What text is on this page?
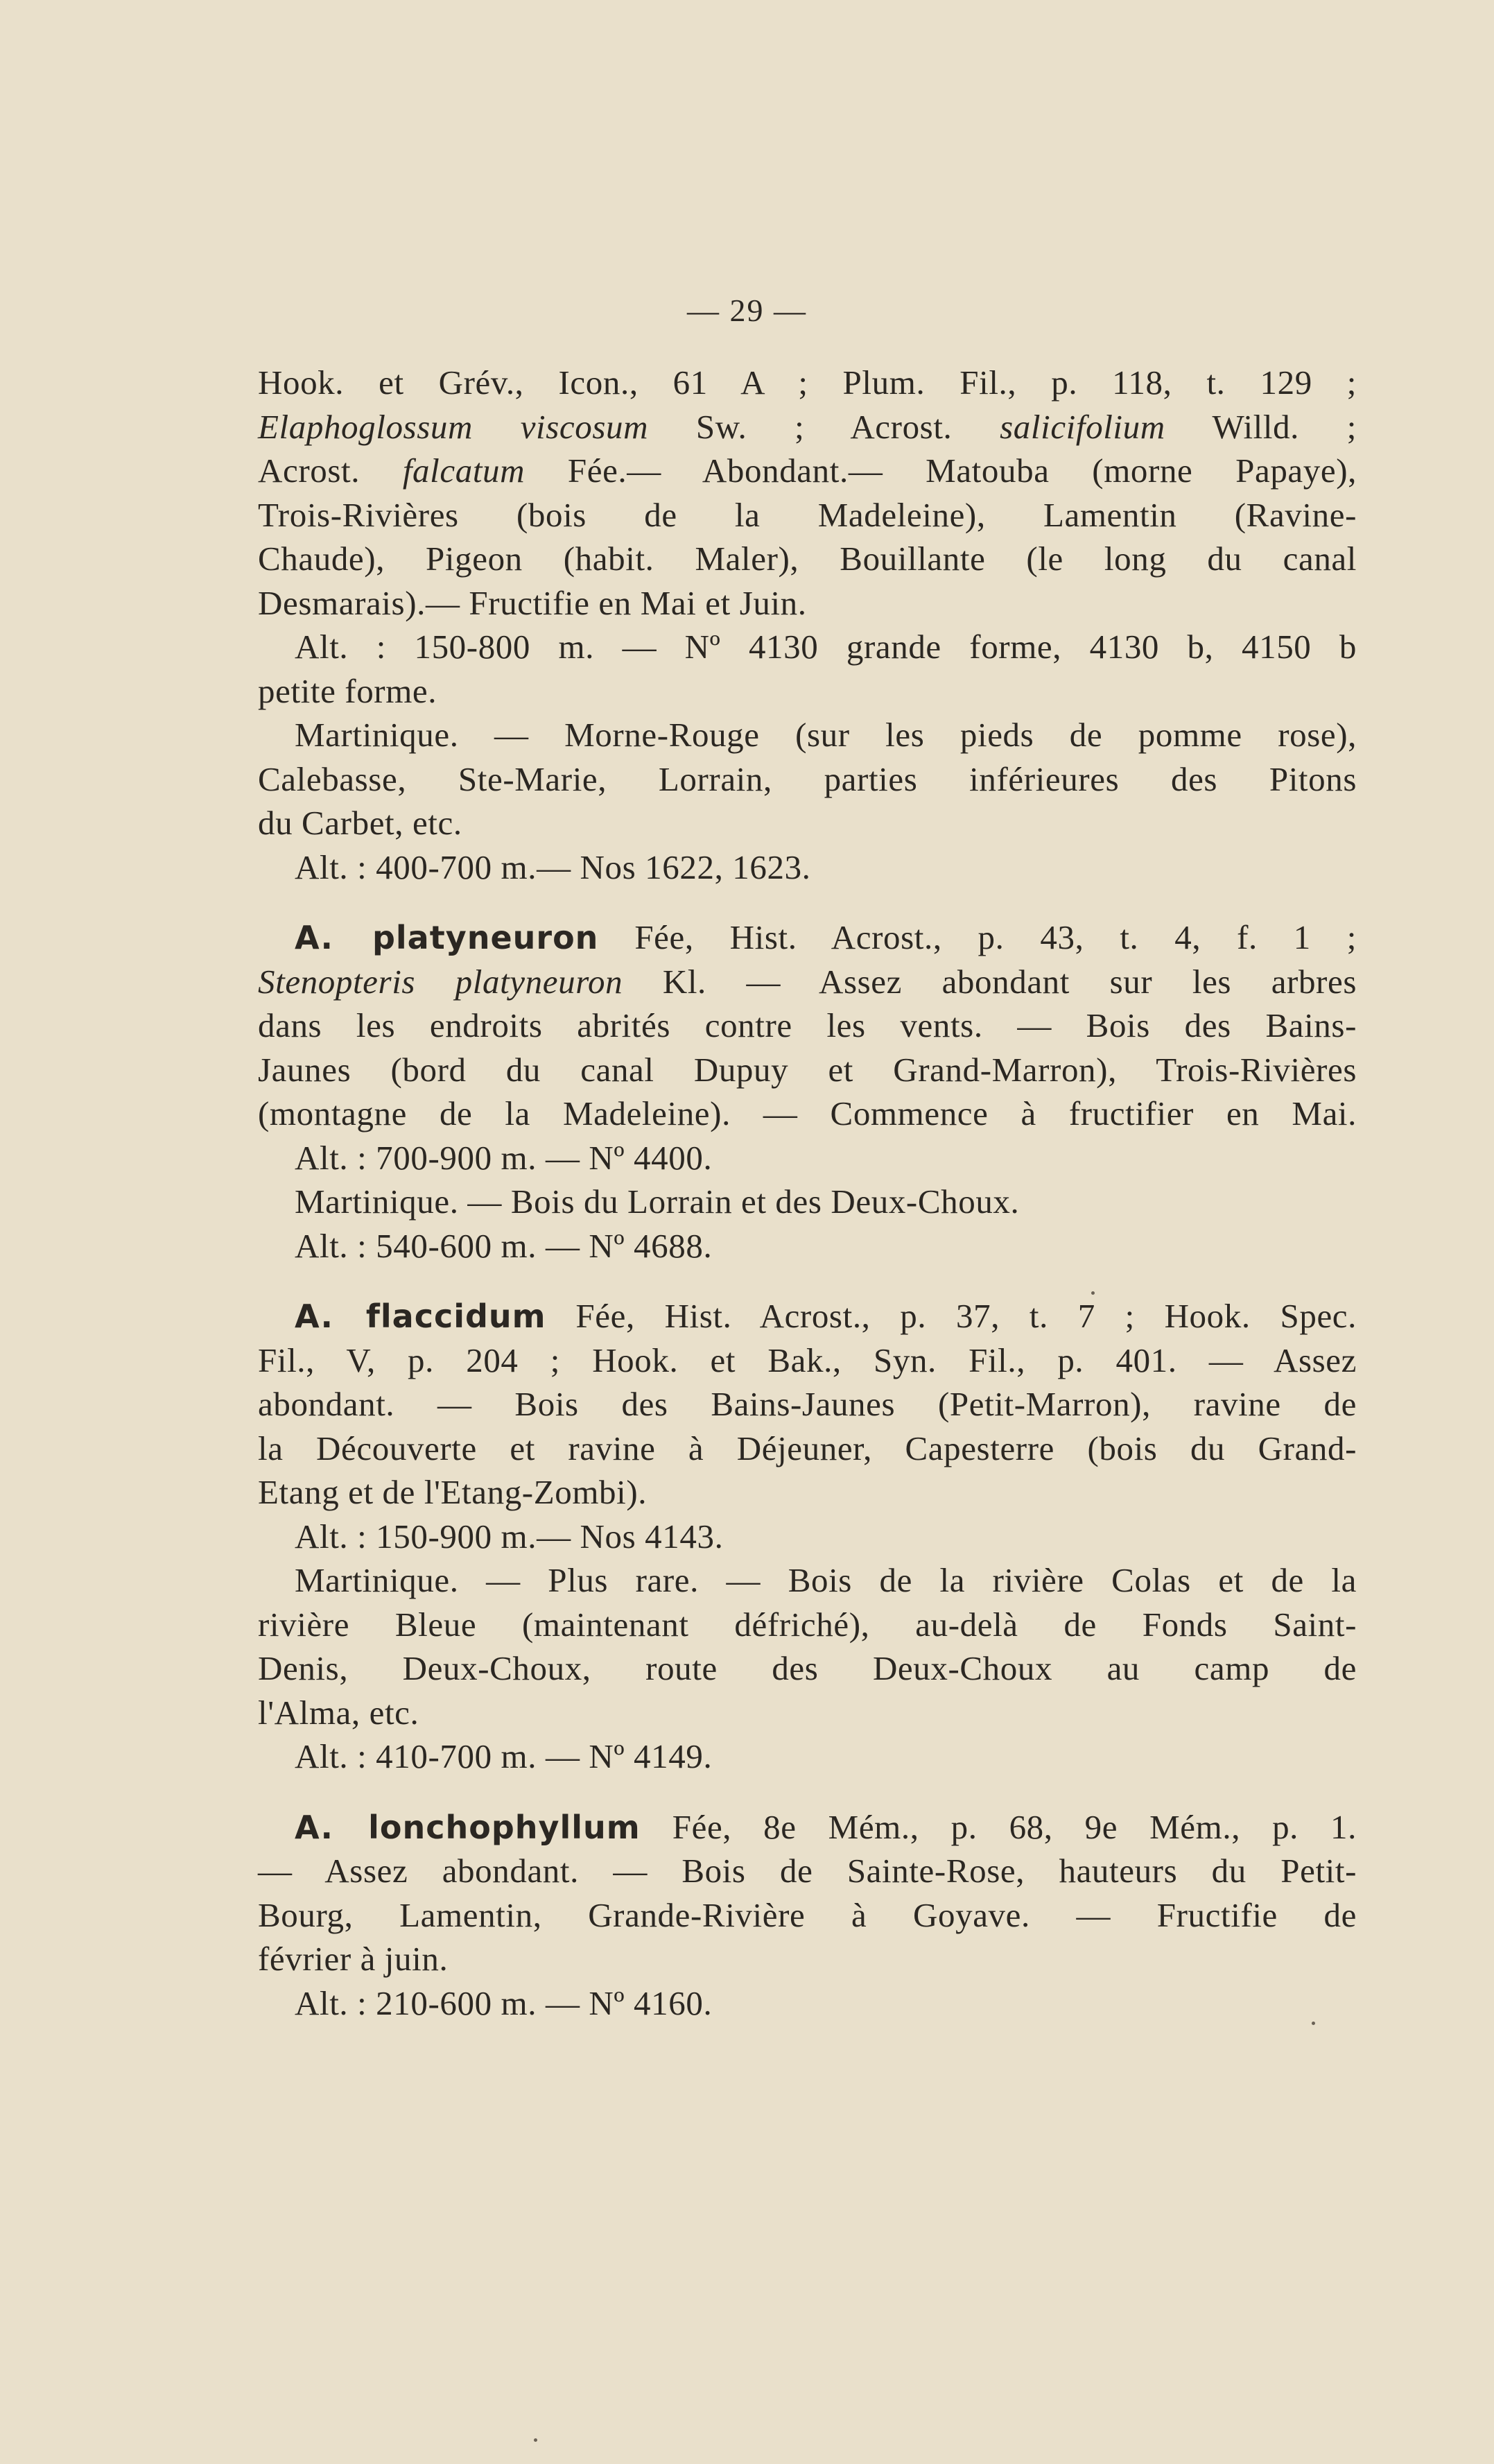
— 29 —
Hook. et Grév., Icon., 61 A ; Plum. Fil., p. 118, t. 129 ;
Elaphoglossum viscosum Sw. ; Acrost. salicifolium Willd. ;
Acrost. falcatum Fée.— Abondant.— Matouba (morne Papaye),
Trois-Rivières (bois de la Madeleine), Lamentin (Ravine-
Chaude), Pigeon (habit. Maler), Bouillante (le long du canal
Desmarais).— Fructifie en Mai et Juin.
Alt. : 150-800 m. — Nº 4130 grande forme, 4130 b, 4150 b
petite forme.
Martinique. — Morne-Rouge (sur les pieds de pomme rose),
Calebasse, Ste-Marie, Lorrain, parties inférieures des Pitons
du Carbet, etc.
Alt. : 400-700 m.— Nos 1622, 1623.
A. platyneuron Fée, Hist. Acrost., p. 43, t. 4, f. 1 ;
Stenopteris platyneuron Kl. — Assez abondant sur les arbres
dans les endroits abrités contre les vents. — Bois des Bains-
Jaunes (bord du canal Dupuy et Grand-Marron), Trois-Rivières
(montagne de la Madeleine). — Commence à fructifier en Mai.
Alt. : 700-900 m. — Nº 4400.
Martinique. — Bois du Lorrain et des Deux-Choux.
Alt. : 540-600 m. — Nº 4688.
A. flaccidum Fée, Hist. Acrost., p. 37, t. 7 ; Hook. Spec.
Fil., V, p. 204 ; Hook. et Bak., Syn. Fil., p. 401. — Assez
abondant. — Bois des Bains-Jaunes (Petit-Marron), ravine de
la Découverte et ravine à Déjeuner, Capesterre (bois du Grand-
Etang et de l'Etang-Zombi).
Alt. : 150-900 m.— Nos 4143.
Martinique. — Plus rare. — Bois de la rivière Colas et de la
rivière Bleue (maintenant défriché), au-delà de Fonds Saint-
Denis, Deux-Choux, route des Deux-Choux au camp de
l'Alma, etc.
Alt. : 410-700 m. — Nº 4149.
A. lonchophyllum Fée, 8e Mém., p. 68, 9e Mém., p. 1.
— Assez abondant. — Bois de Sainte-Rose, hauteurs du Petit-
Bourg, Lamentin, Grande-Rivière à Goyave. — Fructifie de
février à juin.
Alt. : 210-600 m. — Nº 4160.
